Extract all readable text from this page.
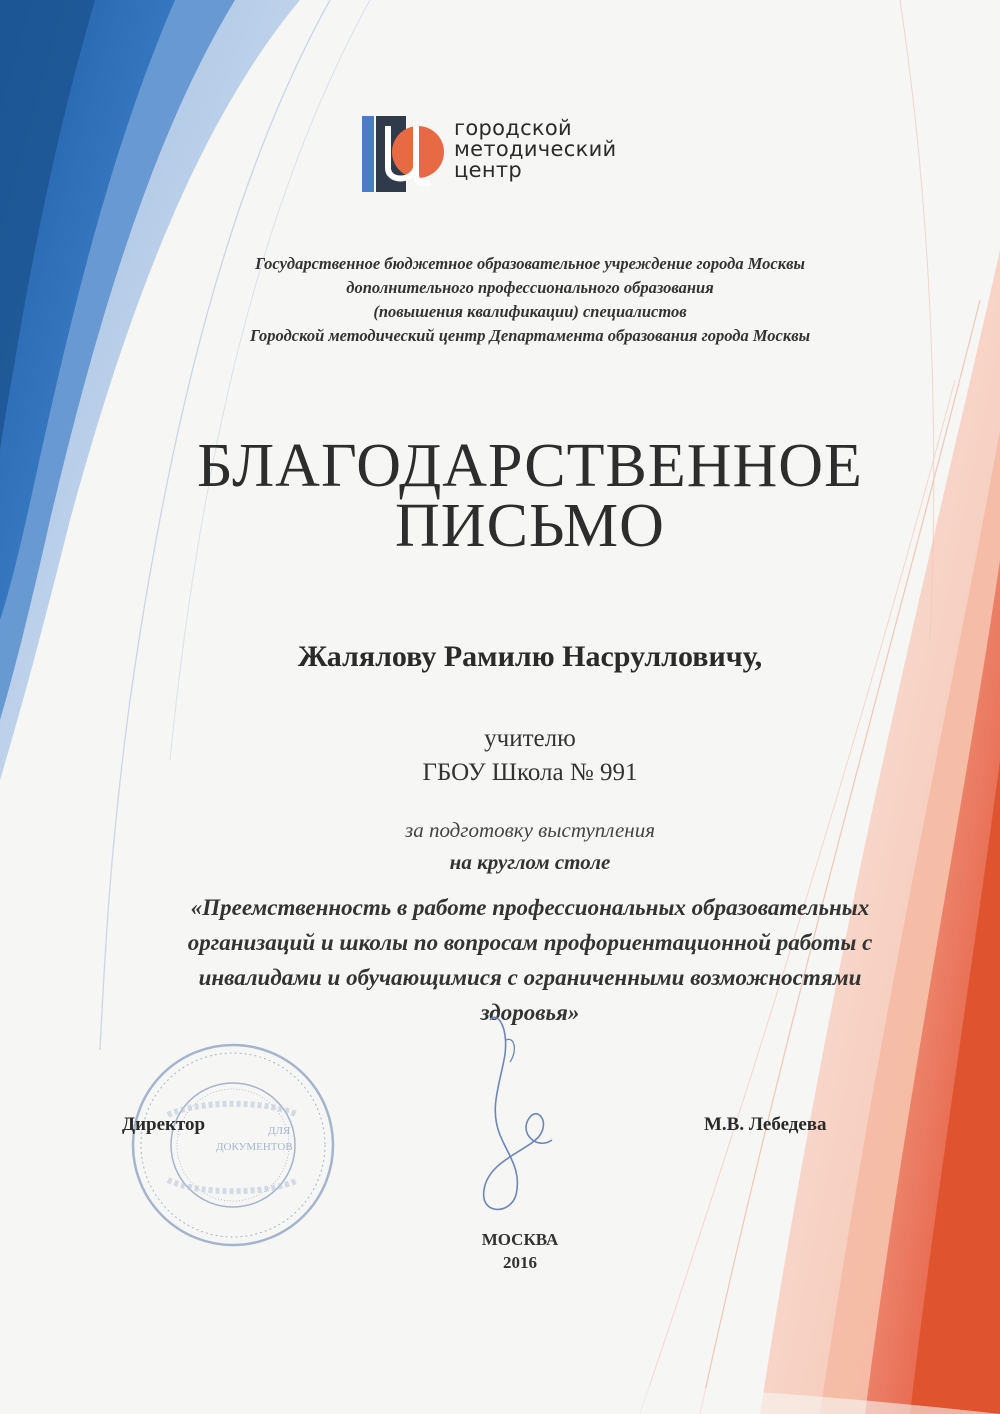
городской
методический
центр
Государственное бюджетное образовательное учреждение города Москвы
дополнительного профессионального образования
(повышения квалификации) специалистов
Городской методический центр Департамента образования города Москвы
БЛАГОДАРСТВЕННОЕ
ПИСЬМО
Жалялову Рамилю Насрулловичу,
учителю
ГБОУ Школа № 991
за подготовку выступления
на круглом столе
«Преемственность в работе профессиональных образовательных
организаций и школы по вопросам профориентационной работы с
инвалидами и обучающимися с ограниченными возможностями
здоровья»
ДЛЯ
ДОКУМЕНТОВ
Директор	М.В. Лебедева
МОСКВА
2016
